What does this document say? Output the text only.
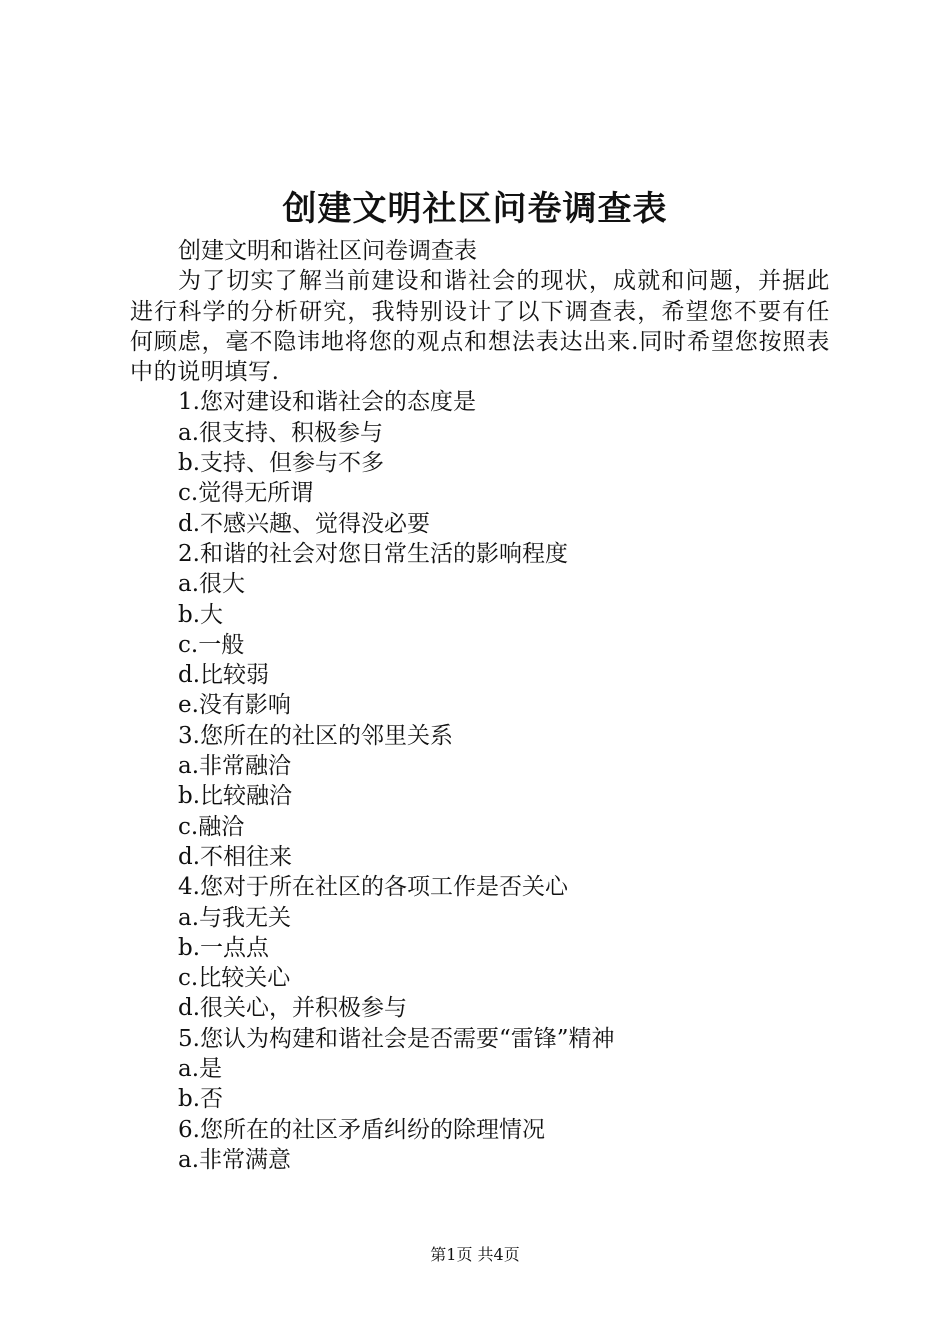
创建文明社区问卷调查表
创建文明和谐社区问卷调查表

为了切实了解当前建设和谐社会的现状，成就和问题，并据此进行科学的分析研究，我特别设计了以下调查表，希望您不要有任何顾虑，毫不隐讳地将您的观点和想法表达出来.同时希望您按照表中的说明填写.

1.您对建设和谐社会的态度是
a.很支持、积极参与
b.支持、但参与不多
c.觉得无所谓
d.不感兴趣、觉得没必要
2.和谐的社会对您日常生活的影响程度
a.很大
b.大
c.一般
d.比较弱
e.没有影响
3.您所在的社区的邻里关系
a.非常融洽
b.比较融洽
c.融洽
d.不相往来
4.您对于所在社区的各项工作是否关心
a.与我无关
b.一点点
c.比较关心
d.很关心，并积极参与
5.您认为构建和谐社会是否需要“雷锋”精神
a.是
b.否
6.您所在的社区矛盾纠纷的除理情况
a.非常满意
第1页 共4页
